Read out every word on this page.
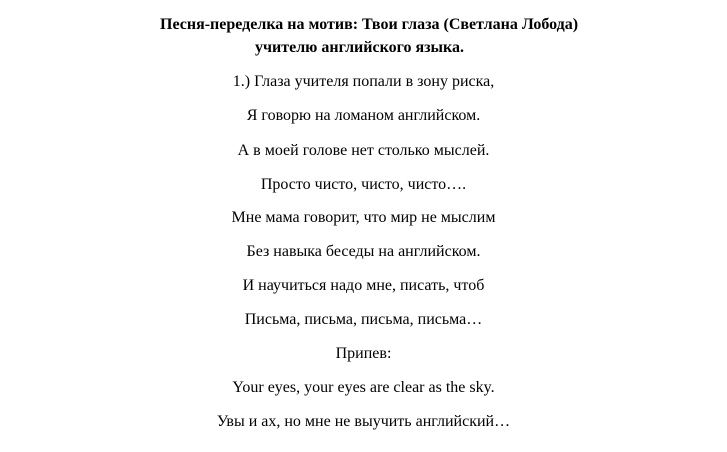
Песня-переделка на мотив: Твои глаза (Светлана Лобода)
учителю английского языка.
1.) Глаза учителя попали в зону риска,
Я говорю на ломаном английском.
А в моей голове нет столько мыслей.
Просто чисто, чисто, чисто….
Мне мама говорит, что мир не мыслим
Без навыка беседы на английском.
И научиться надо мне, писать, чтоб
Письма, письма, письма, письма…
Припев:
Your eyes, your eyes are clear as the sky.
Увы и ах, но мне не выучить английский…
